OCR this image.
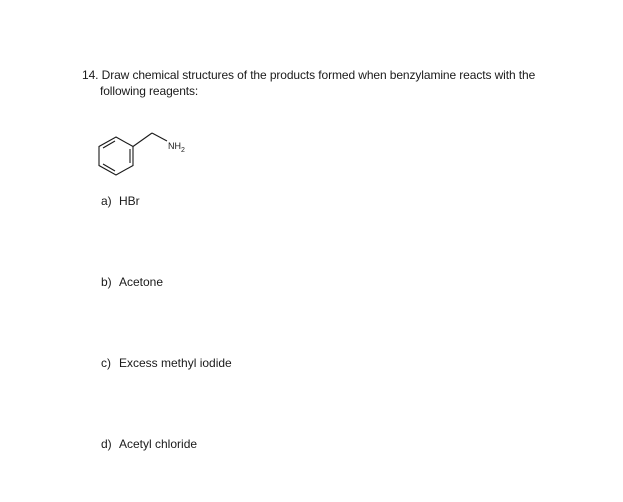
14. Draw chemical structures of the products formed when benzylamine reacts with the
following reagents:
$NH_2$
a) HBr
b) Acetone
c) Excess methyl iodide
d) Acetyl chloride
